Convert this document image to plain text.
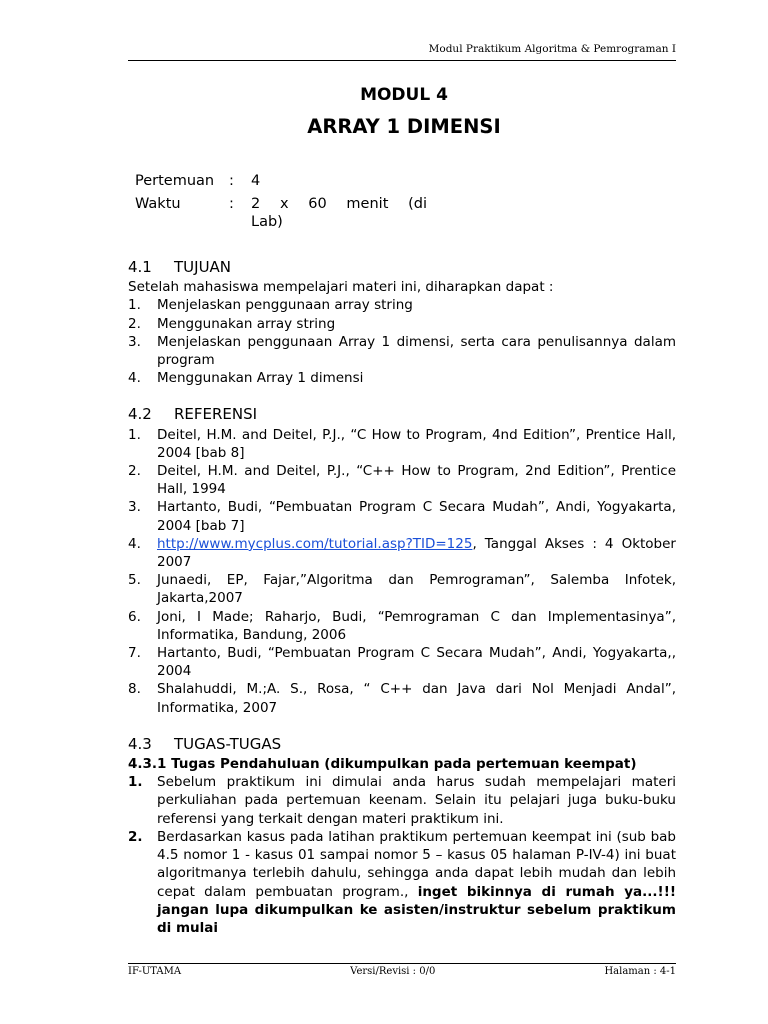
Modul Praktikum Algoritma & Pemrograman I
MODUL 4
ARRAY 1 DIMENSI
Pertemuan	:	4
Waktu	:	2 x 60 menit (di Lab)
4.1 TUJUAN
Setelah mahasiswa mempelajari materi ini, diharapkan dapat :
1.	Menjelaskan penggunaan array string
2.	Menggunakan array string
3.	Menjelaskan penggunaan Array 1 dimensi, serta cara penulisannya dalam program
4.	Menggunakan Array 1 dimensi
4.2 REFERENSI
1.	Deitel, H.M. and Deitel, P.J., “C How to Program, 4nd Edition”, Prentice Hall, 2004 [bab 8]
2.	Deitel, H.M. and Deitel, P.J., “C++ How to Program, 2nd Edition”, Prentice Hall, 1994
3.	Hartanto, Budi, “Pembuatan Program C Secara Mudah”, Andi, Yogyakarta, 2004 [bab 7]
4.	http://www.mycplus.com/tutorial.asp?TID=125, Tanggal Akses : 4 Oktober 2007
5.	Junaedi, EP, Fajar,”Algoritma dan Pemrograman”, Salemba Infotek, Jakarta,2007
6.	Joni, I Made; Raharjo, Budi, “Pemrograman C dan Implementasinya”, Informatika, Bandung, 2006
7.	Hartanto, Budi, “Pembuatan Program C Secara Mudah”, Andi, Yogyakarta,, 2004
8.	Shalahuddi, M.;A. S., Rosa, “ C++ dan Java dari Nol Menjadi Andal”, Informatika, 2007
4.3 TUGAS-TUGAS
4.3.1 Tugas Pendahuluan (dikumpulkan pada pertemuan keempat)
1.	Sebelum praktikum ini dimulai anda harus sudah mempelajari materi perkuliahan pada pertemuan keenam. Selain itu pelajari juga buku-buku referensi yang terkait dengan materi praktikum ini.
2.	Berdasarkan kasus pada latihan praktikum pertemuan keempat ini (sub bab 4.5 nomor 1 - kasus 01 sampai nomor 5 – kasus 05 halaman P-IV-4) ini buat algoritmanya terlebih dahulu, sehingga anda dapat lebih mudah dan lebih cepat dalam pembuatan program., inget bikinnya di rumah ya...!!! jangan lupa dikumpulkan ke asisten/instruktur sebelum praktikum di mulai
IF-UTAMA	Versi/Revisi : 0/0	Halaman : 4-1
